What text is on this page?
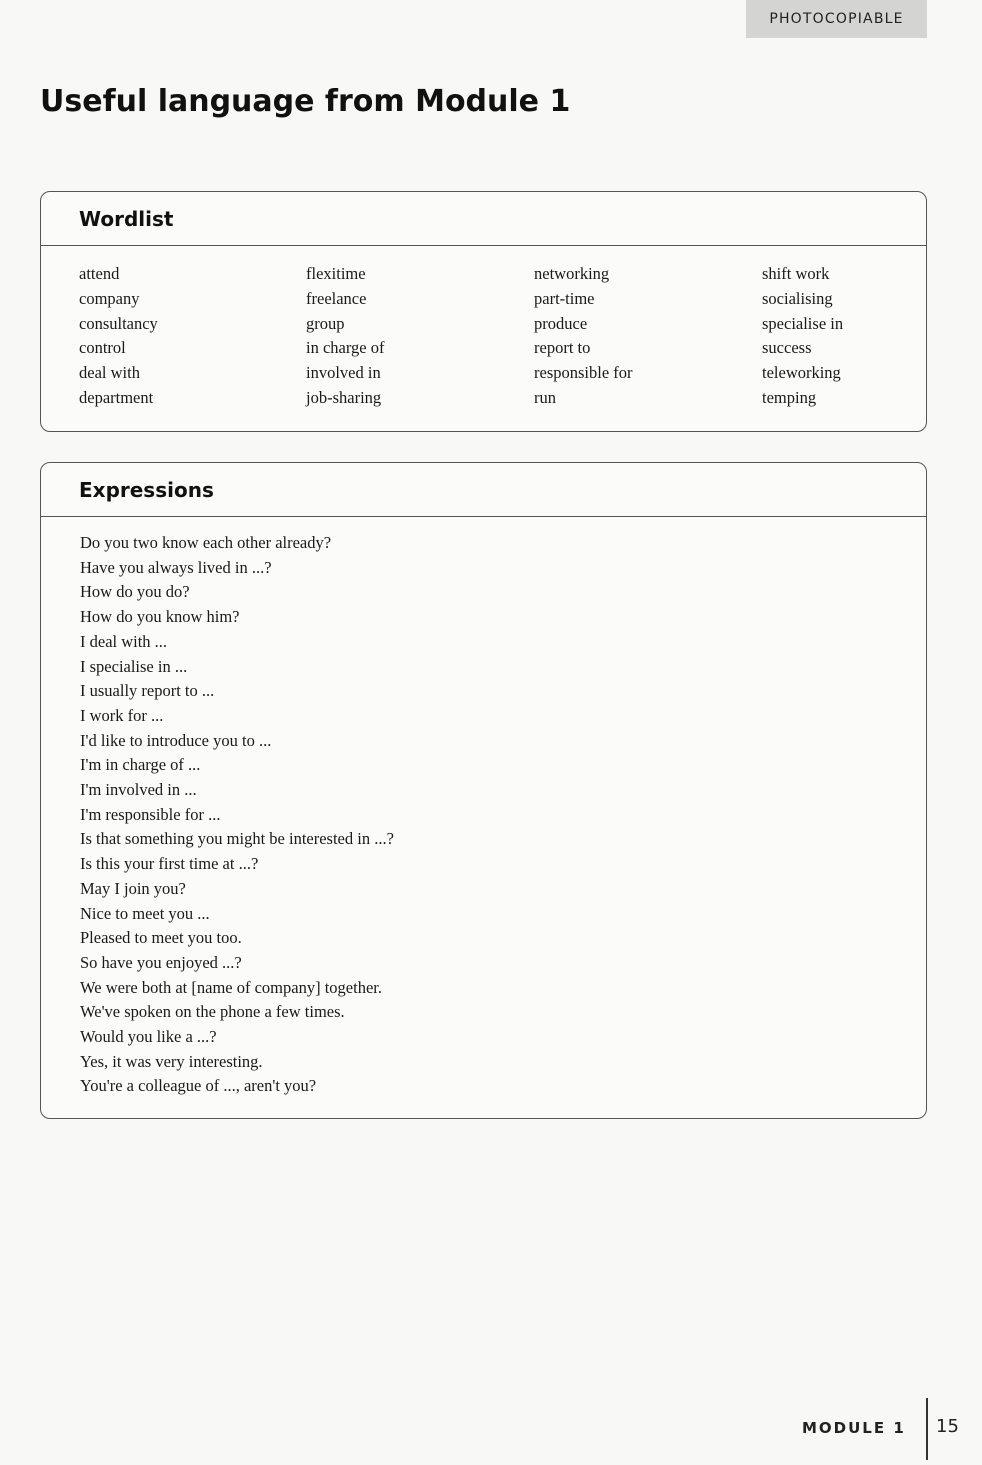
PHOTOCOPIABLE
Useful language from Module 1
Wordlist
attend
company
consultancy
control
deal with
department
flexitime
freelance
group
in charge of
involved in
job-sharing
networking
part-time
produce
report to
responsible for
run
shift work
socialising
specialise in
success
teleworking
temping
Expressions
Do you two know each other already?
Have you always lived in ...?
How do you do?
How do you know him?
I deal with ...
I specialise in ...
I usually report to ...
I work for ...
I'd like to introduce you to ...
I'm in charge of ...
I'm involved in ...
I'm responsible for ...
Is that something you might be interested in ...?
Is this your first time at ...?
May I join you?
Nice to meet you ...
Pleased to meet you too.
So have you enjoyed ...?
We were both at [name of company] together.
We've spoken on the phone a few times.
Would you like a ...?
Yes, it was very interesting.
You're a colleague of ..., aren't you?
MODULE 1 15
